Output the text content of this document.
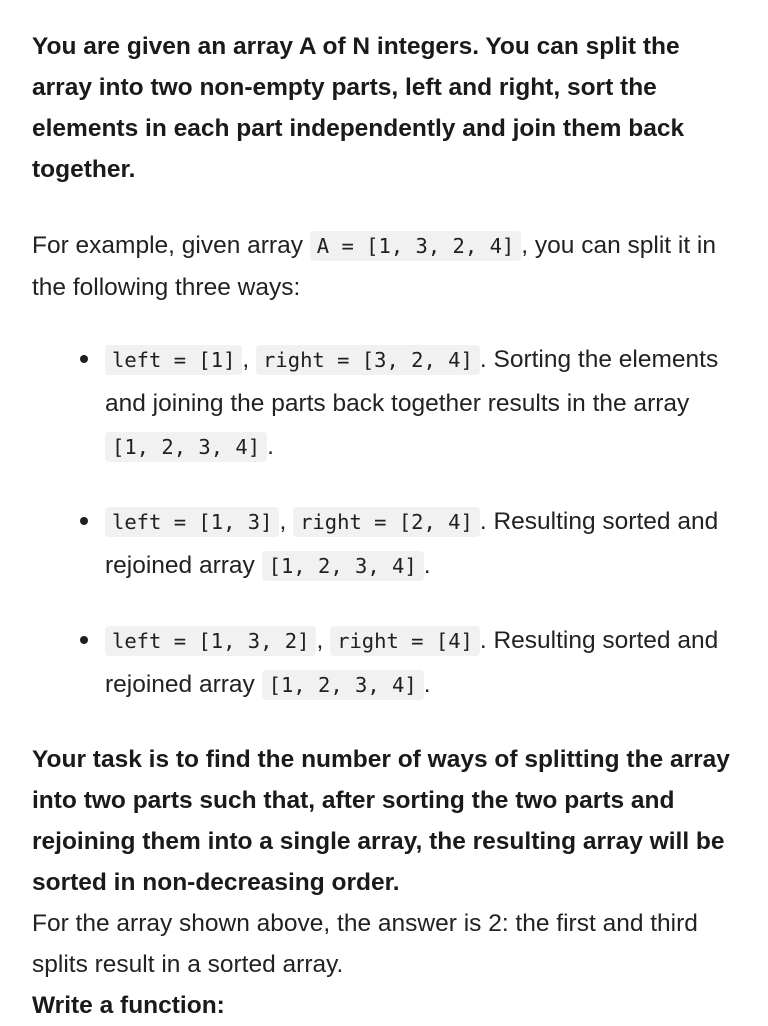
You are given an array A of N integers. You can split the array into two non-empty parts, left and right, sort the elements in each part independently and join them back together.

For example, given array A = [1, 3, 2, 4] , you can split it in the following three ways:

left = [1] , right = [3, 2, 4] . Sorting the elements and joining the parts back together results in the array [1, 2, 3, 4] .
left = [1, 3] , right = [2, 4] . Resulting sorted and rejoined array [1, 2, 3, 4] .
left = [1, 3, 2] , right = [4] . Resulting sorted and rejoined array [1, 2, 3, 4] .

Your task is to find the number of ways of splitting the array into two parts such that, after sorting the two parts and rejoining them into a single array, the resulting array will be sorted in non-decreasing order.
For the array shown above, the answer is 2: the first and third splits result in a sorted array.

Write a function:
